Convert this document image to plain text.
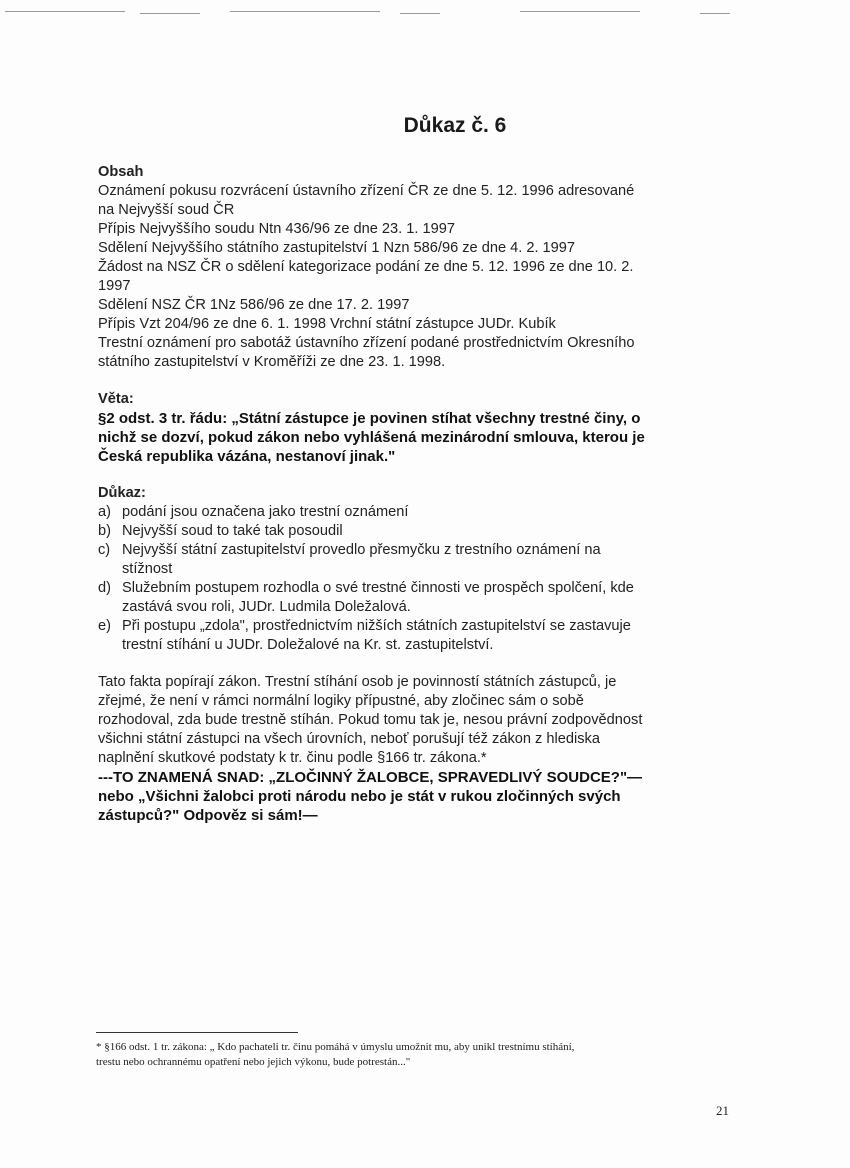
Důkaz č. 6

Obsah

Oznámení pokusu rozvrácení ústavního zřízení ČR ze dne 5. 12. 1996 adresované

na Nejvyšší soud ČR

Přípis Nejvyššího soudu Ntn 436/96 ze dne 23. 1. 1997

Sdělení Nejvyššího státního zastupitelství 1 Nzn 586/96 ze dne 4. 2. 1997

Žádost na NSZ ČR o sdělení kategorizace podání ze dne 5. 12. 1996 ze dne 10. 2.

1997

Sdělení NSZ ČR 1Nz 586/96 ze dne 17. 2. 1997

Přípis Vzt 204/96 ze dne 6. 1. 1998 Vrchní státní zástupce JUDr. Kubík

Trestní oznámení pro sabotáž ústavního zřízení podané prostřednictvím Okresního

státního zastupitelství v Kroměříži ze dne 23. 1. 1998.

Věta:

§2 odst. 3 tr. řádu: „Státní zástupce je povinen stíhat všechny trestné činy, o

nichž se dozví, pokud zákon nebo vyhlášená mezinárodní smlouva, kterou je

Česká republika vázána, nestanoví jinak."

Důkaz:

a) podání jsou označena jako trestní oznámení

b) Nejvyšší soud to také tak posoudil

c) Nejvyšší státní zastupitelství provedlo přesmyčku z trestního oznámení na

stížnost

d) Služebním postupem rozhodla o své trestné činnosti ve prospěch spolčení, kde

zastává svou roli, JUDr. Ludmila Doležalová.

e) Při postupu „zdola", prostřednictvím nižších státních zastupitelství se zastavuje

trestní stíhání u JUDr. Doležalové na Kr. st. zastupitelství.

Tato fakta popírají zákon. Trestní stíhání osob je povinností státních zástupců, je

zřejmé, že není v rámci normální logiky přípustné, aby zločinec sám o sobě

rozhodoval, zda bude trestně stíhán. Pokud tomu tak je, nesou právní zodpovědnost

všichni státní zástupci na všech úrovních, neboť porušují též zákon z hlediska

naplnění skutkové podstaty k tr. činu podle §166 tr. zákona.*

---TO ZNAMENÁ SNAD: „ZLOČINNÝ ŽALOBCE, SPRAVEDLIVÝ SOUDCE?"—

nebo „Všichni žalobci proti národu nebo je stát v rukou zločinných svých

zástupců?" Odpověz si sám!—

* §166 odst. 1 tr. zákona: „ Kdo pachateli tr. činu pomáhá v úmyslu umožnit mu, aby unikl trestnímu stíhání,

trestu nebo ochrannému opatření nebo jejich výkonu, bude potrestán..."

21
